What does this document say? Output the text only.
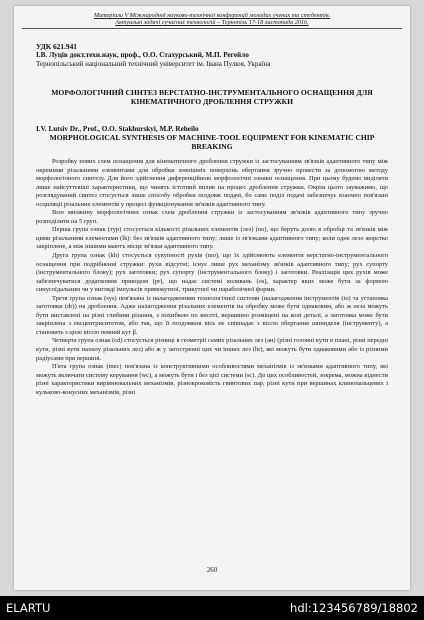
Матеріали V Міжнародної науково-технічної конференції молодих учених та студентів.
Актуальні задачі сучасних технологій – Тернопіль 17-18 листопада 2016.
УДК 621.941
І.В. Луців докт.техн.наук, проф., О.О. Стахурський, М.П. Регейло
Тернопільський національний технічний університет ім. Івана Пулюя, Україна
МОРФОЛОГІЧНИЙ СИНТЕЗ ВЕРСТАТНО-ІНСТРУМЕНТАЛЬНОГО ОСНАЩЕННЯ ДЛЯ КІНЕМАТИЧНОГО ДРОБЛЕННЯ СТРУЖКИ
I.V. Lutsiv Dr., Prof., O.O. Stakhurskyi, M.P. Reheilo
MORPHOLOGICAL SYNTHESIS OF MACHINE-TOOL EQUIPMENT FOR KINEMATIC CHIP BREAKING

Розробку нових схем оснащення для кінематичного дроблення стружки із застосуванням зв'язків адаптивного типу між окремими різальними елементами для обробки зовнішніх поверхонь обертання зручно провести за допомогою методу морфологічного синтезу. Для його здійснення диференційною морфологічні ознаки оснащення. При цьому будемо виділяти лише найсуттєвіші характеристики, що чинять істотний вплив на процес дроблення стружки. Окрім цього зауважимо, що розглядуваний синтез стосується лише способу обробки поздовж подачі, бо саме поділ подачі забезпечує взаємно пов'язані осциляції різальних елементів у процесі функціонування зв'язків адаптивного типу.

Всю множину морфологічних ознак схем дроблення стружки із застосуванням зв'язків адаптивного типу зручно розподілити на 5 груп.

Перша група ознак (тур) стосується кількості різальних елементів (лез) (no), що беруть долю в обробці та зв'язків між цими різальними елементами (lk): без зв'язків адаптивного типу; лише із зв'язками адаптивного типу; коли одне лезо жорстко закріплене, а між іншими маютъ місце зв'язки адаптивного типу.

Друга група ознак (kh) стосується сукупності рухів (mo), що їх здійснюють елементи верстатно-інструментального оснащення при подрібненні стружки: рухи відсутні; існує лише рух механізму зв'язків адаптивного типу; рух супорту (інструментального блоку); рух заготовки; рух супорту (інструментального блоку) і заготовки. Реалізація цих рухів може забезпечуватися додатковим приводом (pr), що надає системі коливань (os), характер яких може бути за формою синусоїдальним чи у вигляді імпульсів прямокутної, трикутної чи параболічної форми.

Третя група ознак (sys) пов'язана із налагодженням технологічної системи (налагодження інструментів (to) та установка заготовки (dr)) на дроблення. Адже налагодження різальних елементів на обробку може бути однаковим, або ж леза можуть бути виставлені на різні глибини різання, з похибкою по висоті, вершинно розміщені на колі деталі, а заготовка може бути закріплена з ексцентриситетом, або так, що її поздовжня вісь не співпадає з віссю обертання шпинделя (інструменту), а становить з цією віссю певний кут β.

Четверта група ознак (cd) стосується різниці в геометрії самих різальних лез (ан) (різні головні кути в плані, різні передні кути, різні кути нахилу різальних лез) або ж у загостренні цих чи інших лез (hr), які можуть бути однаковими або із різними радіусами при вершині.

П'ята група ознак (mec) пов'язана із конструктивними особливостями механізмів із зв'язками адаптивного типу, які можуть включати систему керування (wc), а можуть бути і без цієї системи (sc). До цих особливостей, зокрема, можна віднести різні характеристики вирівнювальних механізмів, різнокроковість гвинтових пар, різні кути при вершинах клинопальцевих і кульково-конусних механізмів, різні

260
ELARTU	hdl:123456789/18802
